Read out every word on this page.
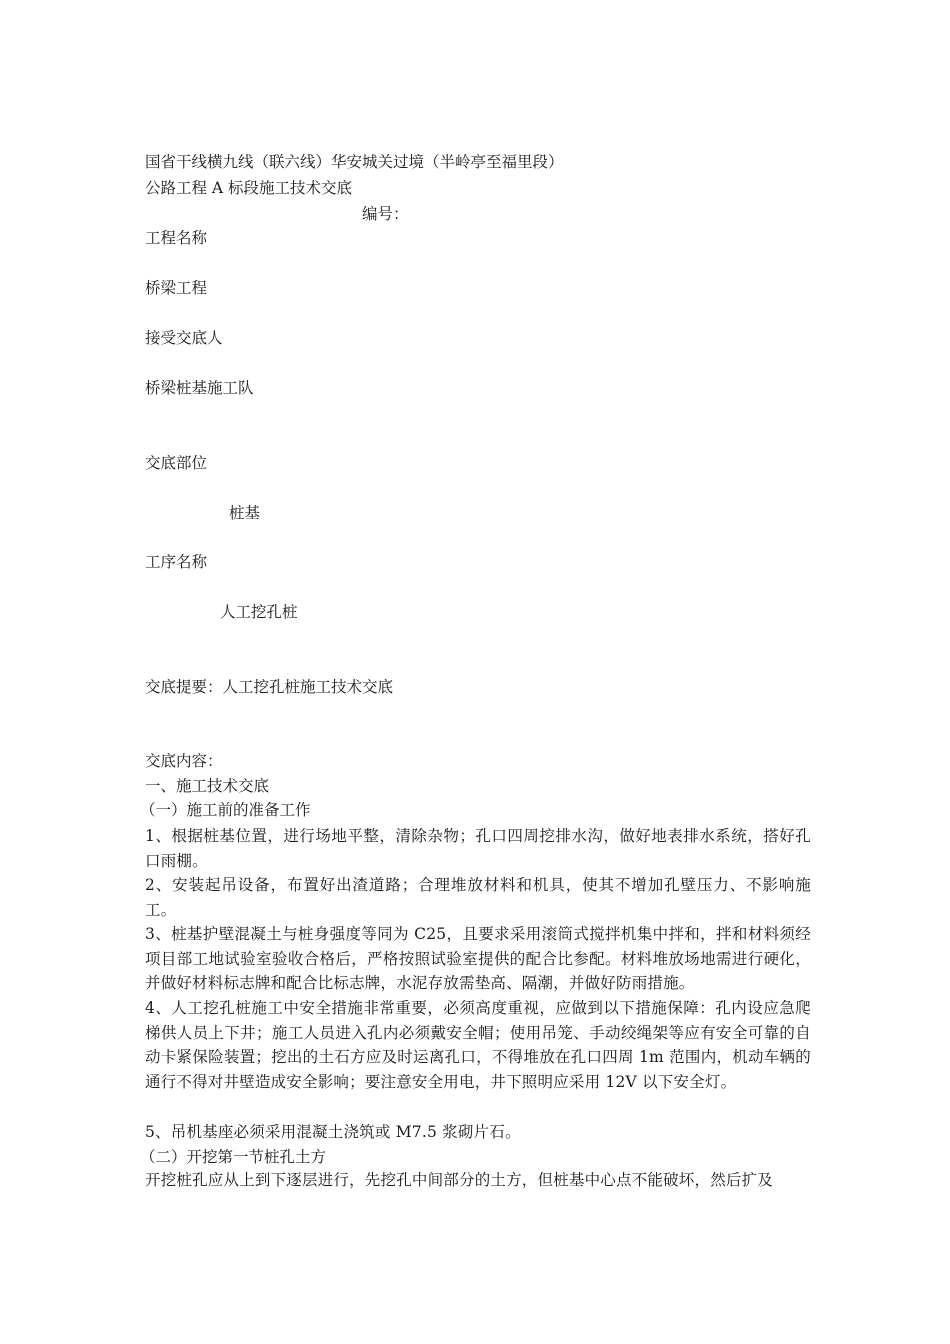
国省干线横九线（联六线）华安城关过境（半岭亭至福里段）
公路工程 A 标段施工技术交底
编号：
工程名称
桥梁工程
接受交底人
桥梁桩基施工队
交底部位
桩基
工序名称
人工挖孔桩
交底提要：人工挖孔桩施工技术交底
交底内容：
一、施工技术交底
（一）施工前的准备工作
1、根据桩基位置，进行场地平整，清除杂物；孔口四周挖排水沟，做好地表排水系统，搭好孔口雨棚。
2、安装起吊设备，布置好出渣道路；合理堆放材料和机具，使其不增加孔壁压力、不影响施工。
3、桩基护壁混凝土与桩身强度等同为 C25，且要求采用滚筒式搅拌机集中拌和，拌和材料须经项目部工地试验室验收合格后，严格按照试验室提供的配合比参配。材料堆放场地需进行硬化，并做好材料标志牌和配合比标志牌，水泥存放需垫高、隔潮，并做好防雨措施。
4、人工挖孔桩施工中安全措施非常重要，必须高度重视，应做到以下措施保障：孔内设应急爬梯供人员上下井；施工人员进入孔内必须戴安全帽；使用吊笼、手动绞绳架等应有安全可靠的自动卡紧保险装置；挖出的土石方应及时运离孔口，不得堆放在孔口四周 1m 范围内，机动车辆的通行不得对井壁造成安全影响；要注意安全用电，井下照明应采用 12V 以下安全灯。
5、吊机基座必须采用混凝土浇筑或 M7.5 浆砌片石。
（二）开挖第一节桩孔土方
开挖桩孔应从上到下逐层进行，先挖孔中间部分的土方，但桩基中心点不能破坏，然后扩及
